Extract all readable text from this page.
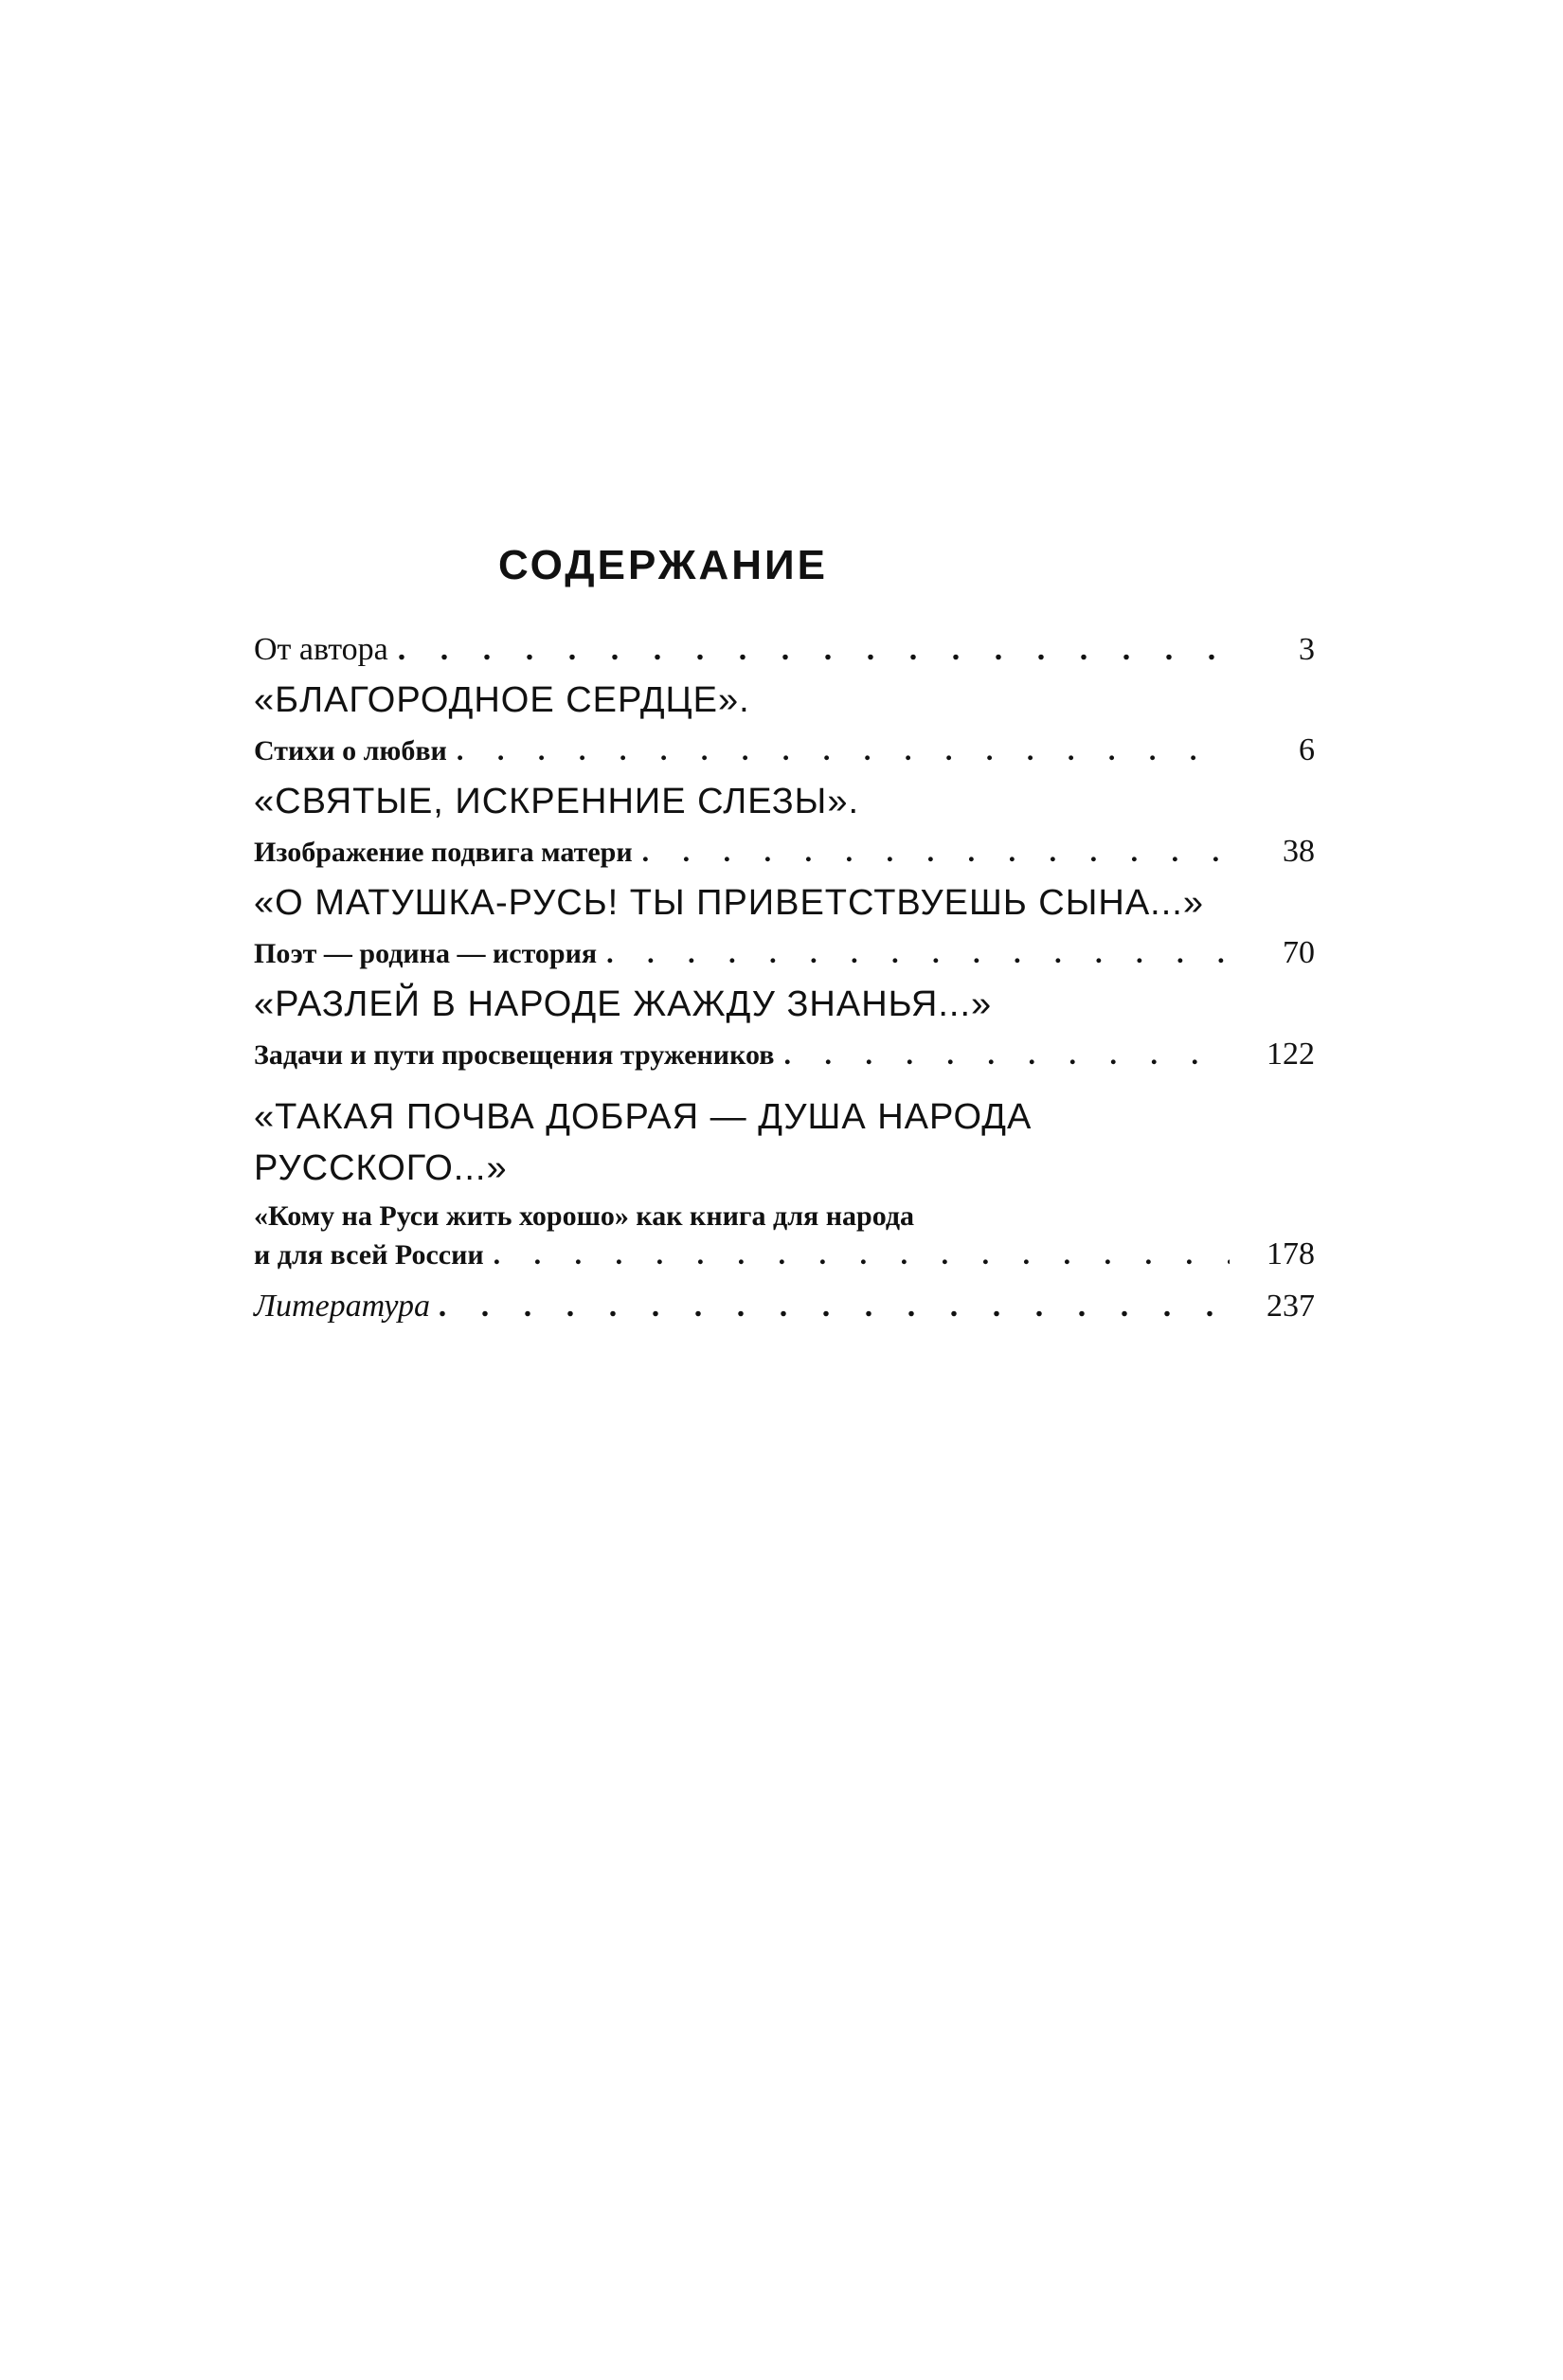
СОДЕРЖАНИЕ
От автора . . .	3
«БЛАГОРОДНОЕ СЕРДЦЕ».
Стихи о любви . . .	6
«СВЯТЫЕ, ИСКРЕННИЕ СЛЕЗЫ».
Изображение подвига матери . . .	38
«О МАТУШКА-РУСЬ! ТЫ ПРИВЕТСТВУЕШЬ СЫНА...»
Поэт — родина — история . . .	70
«РАЗЛЕЙ В НАРОДЕ ЖАЖДУ ЗНАНЬЯ...»
Задачи и пути просвещения тружеников . . .	122
«ТАКАЯ ПОЧВА ДОБРАЯ — ДУША НАРОДА РУССКОГО...»
«Кому на Руси жить хорошо» как книга для народа
и для всей России . . .	178
Литература . . .	237
